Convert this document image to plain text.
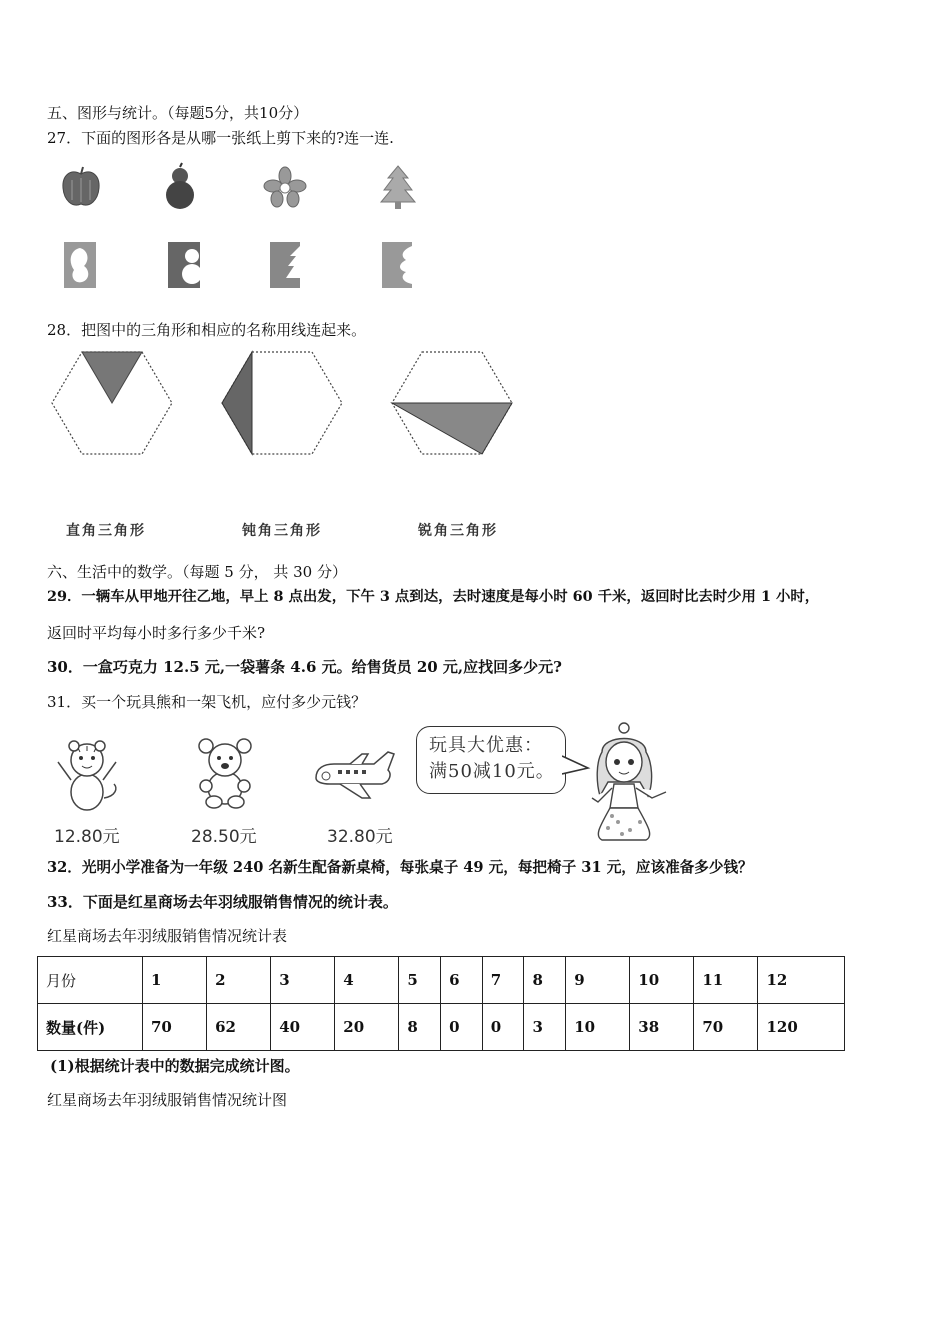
五、图形与统计。（每题5分，共10分）
27．下面的图形各是从哪一张纸上剪下来的?连一连.
28．把图中的三角形和相应的名称用线连起来。
直角三角形	钝角三角形	锐角三角形
六、生活中的数学。（每题 5 分， 共 30 分）
29．一辆车从甲地开往乙地，早上 8 点出发，下午 3 点到达，去时速度是每小时 60 千米，返回时比去时少用 1 小时，
返回时平均每小时多行多少千米?
30．一盒巧克力 12.5 元,一袋薯条 4.6 元。给售货员 20 元,应找回多少元?
31．买一个玩具熊和一架飞机，应付多少元钱？
12.80元	28.50元	32.80元
玩具大优惠：
满50减10元。
32．光明小学准备为一年级 240 名新生配备新桌椅，每张桌子 49 元，每把椅子 31 元，应该准备多少钱？
33．下面是红星商场去年羽绒服销售情况的统计表。
红星商场去年羽绒服销售情况统计表
月份	1	2	3	4	5	6	7	8	9	10	11	12
数量(件)	70	62	40	20	8	0	0	3	10	38	70	120
(1)根据统计表中的数据完成统计图。
红星商场去年羽绒服销售情况统计图
